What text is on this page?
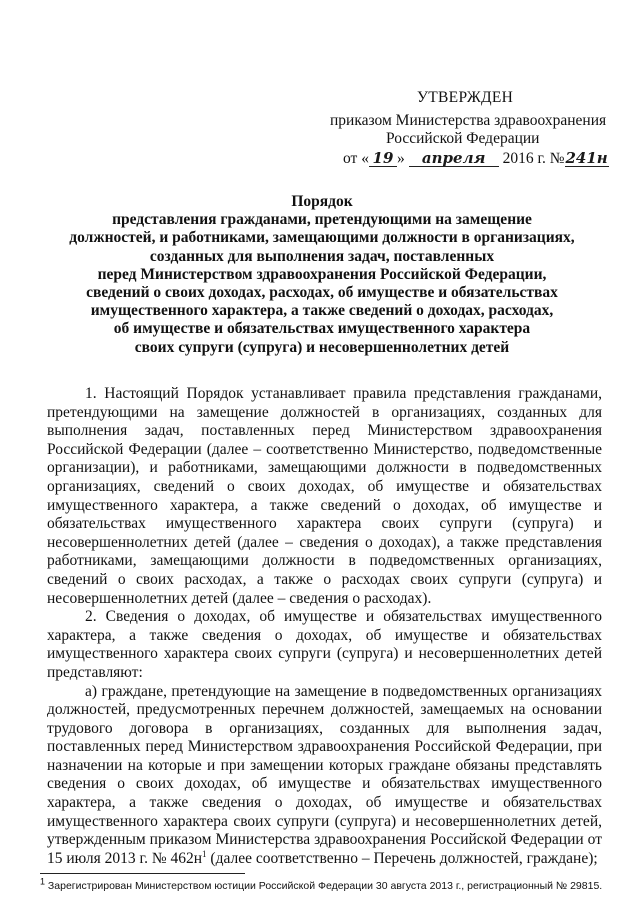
УТВЕРЖДЕН
приказом Министерства здравоохранения
Российской Федерации
от « 19 » апреля 2016 г. №241н
Порядок
представления гражданами, претендующими на замещение
должностей, и работниками, замещающими должности в организациях,
созданных для выполнения задач, поставленных
перед Министерством здравоохранения Российской Федерации,
сведений о своих доходах, расходах, об имуществе и обязательствах
имущественного характера, а также сведений о доходах, расходах,
об имуществе и обязательствах имущественного характера
своих супруги (супруга) и несовершеннолетних детей

1. Настоящий Порядок устанавливает правила представления гражданами, претендующими на замещение должностей в организациях, созданных для выполнения задач, поставленных перед Министерством здравоохранения Российской Федерации (далее – соответственно Министерство, подведомственные организации), и работниками, замещающими должности в подведомственных организациях, сведений о своих доходах, об имуществе и обязательствах имущественного характера, а также сведений о доходах, об имуществе и обязательствах имущественного характера своих супруги (супруга) и несовершеннолетних детей (далее – сведения о доходах), а также представления работниками, замещающими должности в подведомственных организациях, сведений о своих расходах, а также о расходах своих супруги (супруга) и несовершеннолетних детей (далее – сведения о расходах).

2. Сведения о доходах, об имуществе и обязательствах имущественного характера, а также сведения о доходах, об имуществе и обязательствах имущественного характера своих супруги (супруга) и несовершеннолетних детей представляют:

а) граждане, претендующие на замещение в подведомственных организациях должностей, предусмотренных перечнем должностей, замещаемых на основании трудового договора в организациях, созданных для выполнения задач, поставленных перед Министерством здравоохранения Российской Федерации, при назначении на которые и при замещении которых граждане обязаны представлять сведения о своих доходах, об имуществе и обязательствах имущественного характера, а также сведения о доходах, об имуществе и обязательствах имущественного характера своих супруги (супруга) и несовершеннолетних детей, утвержденным приказом Министерства здравоохранения Российской Федерации от 15 июля 2013 г. № $462н^1$ (далее соответственно – Перечень должностей, граждане);

$^1$ Зарегистрирован Министерством юстиции Российской Федерации 30 августа 2013 г., регистрационный № 29815.
